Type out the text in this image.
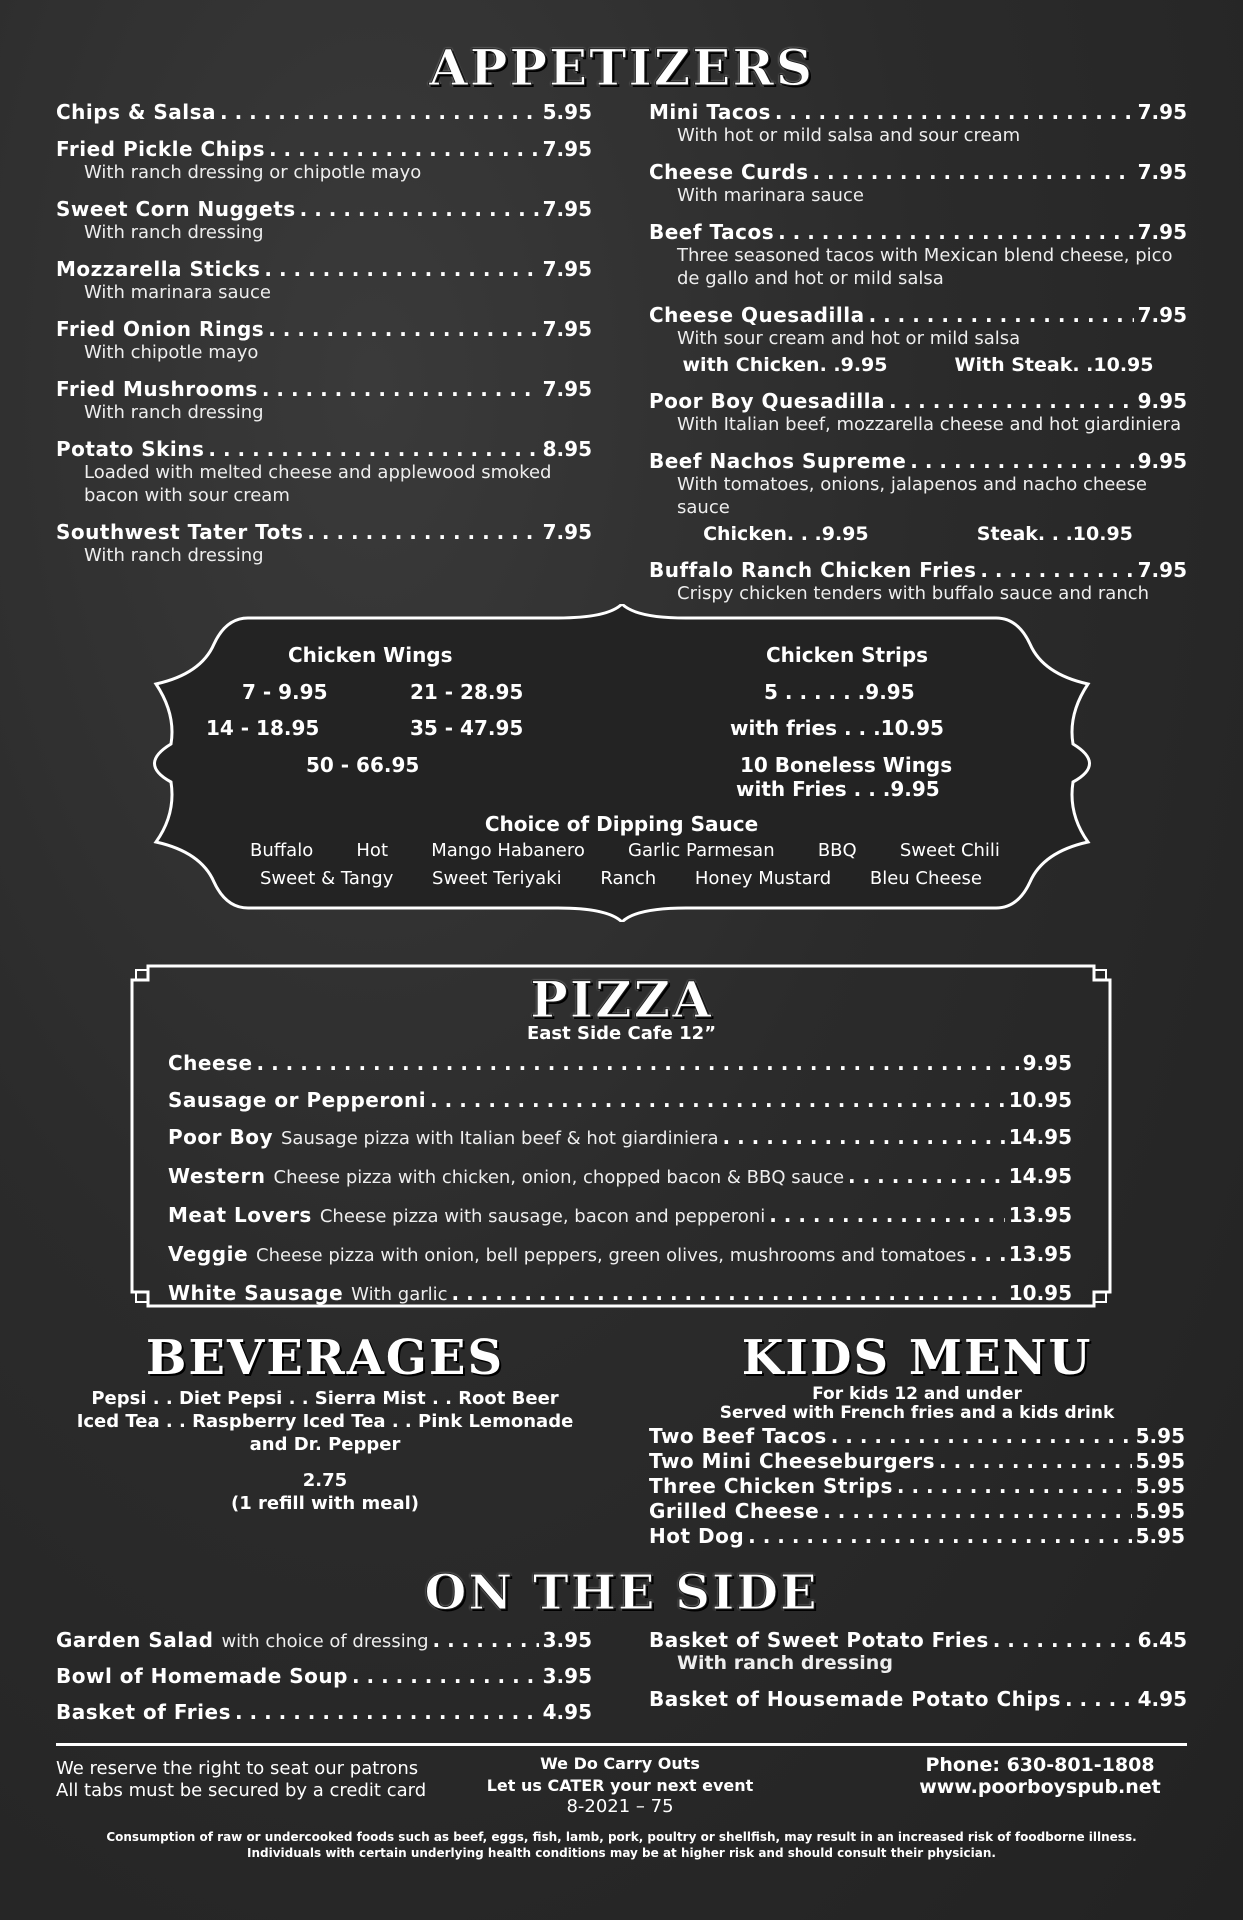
APPETIZERS
Chips & Salsa . . .	5.95
Fried Pickle Chips . . .	7.95
With ranch dressing or chipotle mayo
Sweet Corn Nuggets . . .	7.95
With ranch dressing
Mozzarella Sticks . . .	7.95
With marinara sauce
Fried Onion Rings . . .	7.95
With chipotle mayo
Fried Mushrooms . . .	7.95
With ranch dressing
Potato Skins . . .	8.95
Loaded with melted cheese and applewood smoked bacon with sour cream
Southwest Tater Tots . . .	7.95
With ranch dressing
Mini Tacos . . .	7.95
With hot or mild salsa and sour cream
Cheese Curds . . .	7.95
With marinara sauce
Beef Tacos . . .	7.95
Three seasoned tacos with Mexican blend cheese, pico de gallo and hot or mild salsa
Cheese Quesadilla . . .	7.95
With sour cream and hot or mild salsa
with Chicken. .9.95	With Steak. .10.95
Poor Boy Quesadilla . . .	9.95
With Italian beef, mozzarella cheese and hot giardiniera
Beef Nachos Supreme . . .	9.95
With tomatoes, onions, jalapenos and nacho cheese sauce
Chicken. . .9.95	Steak. . .10.95
Buffalo Ranch Chicken Fries . . .	7.95
Crispy chicken tenders with buffalo sauce and ranch
Chicken Wings
7 - 9.95	21 - 28.95
14 - 18.95	35 - 47.95
50 - 66.95
Chicken Strips
5 . . . . . .9.95
with fries . . .10.95
10 Boneless Wings
with Fries . . .9.95
Choice of Dipping Sauce
Buffalo Hot Mango Habanero Garlic Parmesan BBQ Sweet Chili
Sweet & Tangy Sweet Teriyaki Ranch Honey Mustard Bleu Cheese
PIZZA
East Side Cafe 12”
Cheese . . .	9.95
Sausage or Pepperoni . . .	10.95
Poor Boy Sausage pizza with Italian beef & hot giardiniera . . .	14.95
Western Cheese pizza with chicken, onion, chopped bacon & BBQ sauce . . .	14.95
Meat Lovers Cheese pizza with sausage, bacon and pepperoni . . .	13.95
Veggie Cheese pizza with onion, bell peppers, green olives, mushrooms and tomatoes . . . 13.95
White Sausage With garlic . . .	10.95
BEVERAGES
Pepsi . . Diet Pepsi . . Sierra Mist . . Root Beer
Iced Tea . . Raspberry Iced Tea . . Pink Lemonade
and Dr. Pepper
2.75
(1 refill with meal)
KIDS MENU
For kids 12 and under
Served with French fries and a kids drink
Two Beef Tacos . . .	5.95
Two Mini Cheeseburgers . . .	5.95
Three Chicken Strips . . .	5.95
Grilled Cheese . . .	5.95
Hot Dog . . .	5.95
ON THE SIDE
Garden Salad with choice of dressing . . .	3.95
Bowl of Homemade Soup . . .	3.95
Basket of Fries . . .	4.95
Basket of Sweet Potato Fries . . .	6.45
With ranch dressing
Basket of Housemade Potato Chips . . .	4.95
We reserve the right to seat our patrons
All tabs must be secured by a credit card
We Do Carry Outs
Let us CATER your next event
8-2021 – 75
Phone: 630-801-1808
www.poorboyspub.net
Consumption of raw or undercooked foods such as beef, eggs, fish, lamb, pork, poultry or shellfish, may result in an increased risk of foodborne illness.
Individuals with certain underlying health conditions may be at higher risk and should consult their physician.
